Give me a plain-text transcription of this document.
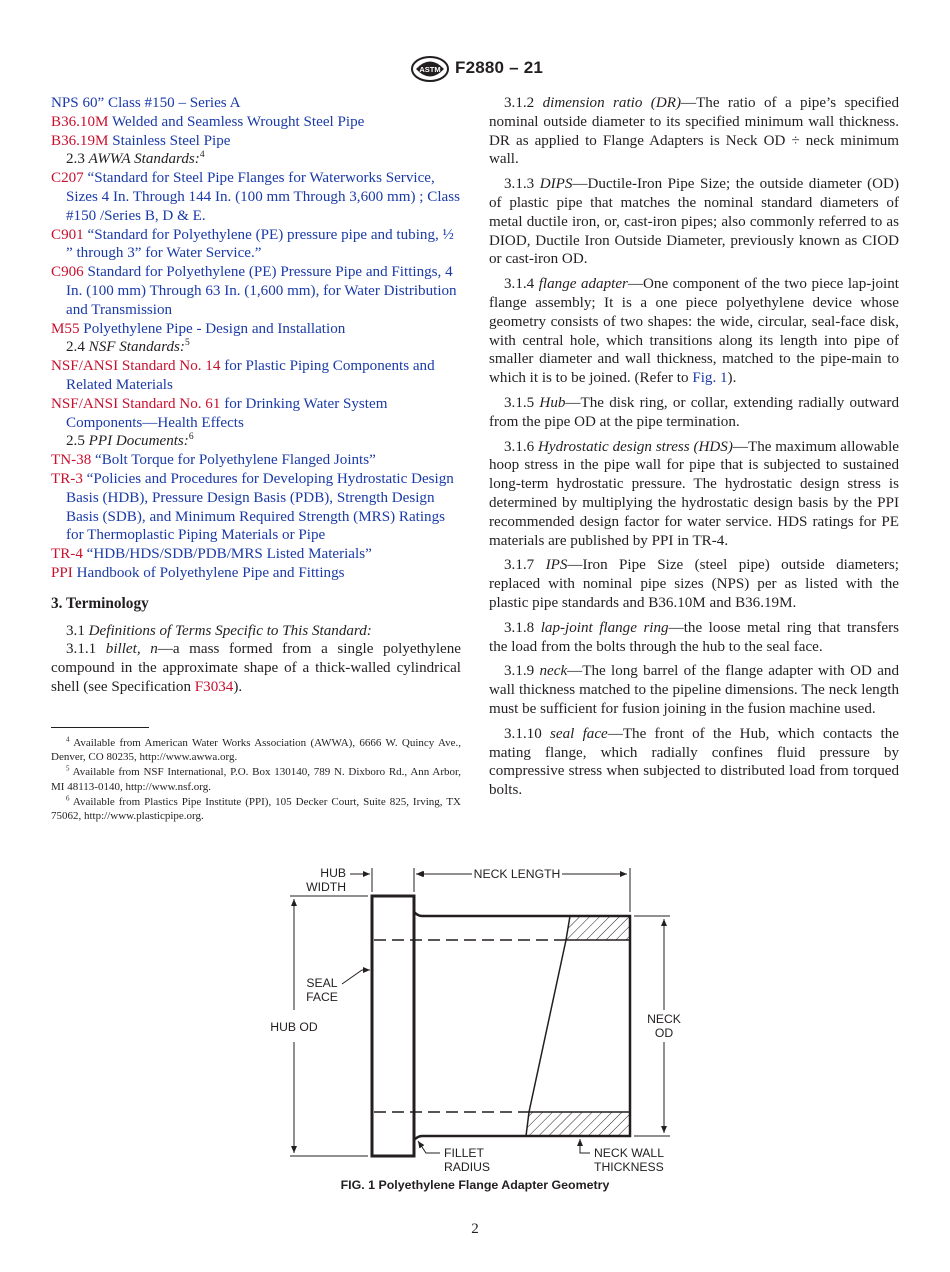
ASTM F2880 – 21
NPS 60” Class #150 – Series A
B36.10M Welded and Seamless Wrought Steel Pipe
B36.19M Stainless Steel Pipe
2.3 AWWA Standards:$^4$
C207 “Standard for Steel Pipe Flanges for Waterworks Service, Sizes 4 In. Through 144 In. (100 mm Through 3,600 mm) ; Class #150 /Series B, D & E.
C901 “Standard for Polyethylene (PE) pressure pipe and tubing, ½ ” through 3” for Water Service.”
C906 Standard for Polyethylene (PE) Pressure Pipe and Fittings, 4 In. (100 mm) Through 63 In. (1,600 mm), for Water Distribution and Transmission
M55 Polyethylene Pipe - Design and Installation
2.4 NSF Standards:$^5$
NSF/ANSI Standard No. 14 for Plastic Piping Components and Related Materials
NSF/ANSI Standard No. 61 for Drinking Water System Components—Health Effects
2.5 PPI Documents:$^6$
TN-38 “Bolt Torque for Polyethylene Flanged Joints”
TR-3 “Policies and Procedures for Developing Hydrostatic Design Basis (HDB), Pressure Design Basis (PDB), Strength Design Basis (SDB), and Minimum Required Strength (MRS) Ratings for Thermoplastic Piping Materials or Pipe
TR-4 “HDB/HDS/SDB/PDB/MRS Listed Materials”
PPI Handbook of Polyethylene Pipe and Fittings
3. Terminology
3.1 Definitions of Terms Specific to This Standard:
3.1.1 billet, n—a mass formed from a single polyethylene compound in the approximate shape of a thick-walled cylindrical shell (see Specification F3034).
$^4$ Available from American Water Works Association (AWWA), 6666 W. Quincy Ave., Denver, CO 80235, http://www.awwa.org.
$^5$ Available from NSF International, P.O. Box 130140, 789 N. Dixboro Rd., Ann Arbor, MI 48113-0140, http://www.nsf.org.
$^6$ Available from Plastics Pipe Institute (PPI), 105 Decker Court, Suite 825, Irving, TX 75062, http://www.plasticpipe.org.
3.1.2 dimension ratio (DR)—The ratio of a pipe’s specified nominal outside diameter to its specified minimum wall thickness. DR as applied to Flange Adapters is Neck OD ÷ neck minimum wall.
3.1.3 DIPS—Ductile-Iron Pipe Size; the outside diameter (OD) of plastic pipe that matches the nominal standard diameters of metal ductile iron, or, cast-iron pipes; also commonly referred to as DIOD, Ductile Iron Outside Diameter, previously known as CIOD or cast-iron OD.
3.1.4 flange adapter—One component of the two piece lap-joint flange assembly; It is a one piece polyethylene device whose geometry consists of two shapes: the wide, circular, seal-face disk, with central hole, which transitions along its length into pipe of smaller diameter and wall thickness, matched to the pipe-main to which it is to be joined. (Refer to Fig. 1).
3.1.5 Hub—The disk ring, or collar, extending radially outward from the pipe OD at the pipe termination.
3.1.6 Hydrostatic design stress (HDS)—The maximum allowable hoop stress in the pipe wall for pipe that is subjected to sustained long-term hydrostatic pressure. The hydrostatic design stress is determined by multiplying the hydrostatic design basis by the PPI recommended design factor for water service. HDS ratings for PE materials are published by PPI in TR-4.
3.1.7 IPS—Iron Pipe Size (steel pipe) outside diameters; replaced with nominal pipe sizes (NPS) per as listed with the plastic pipe standards and B36.10M and B36.19M.
3.1.8 lap-joint flange ring—the loose metal ring that transfers the load from the bolts through the hub to the seal face.
3.1.9 neck—The long barrel of the flange adapter with OD and wall thickness matched to the pipeline dimensions. The neck length must be sufficient for fusion joining in the fusion machine used.
3.1.10 seal face—The front of the Hub, which contacts the mating flange, which radially confines fluid pressure by compressive stress when subjected to distributed load from torqued bolts.
HUB
WIDTH
NECK LENGTH
HUB OD
NECK
OD
SEAL
FACE
FILLET
RADIUS
NECK WALL
THICKNESS
FIG. 1 Polyethylene Flange Adapter Geometry
2
